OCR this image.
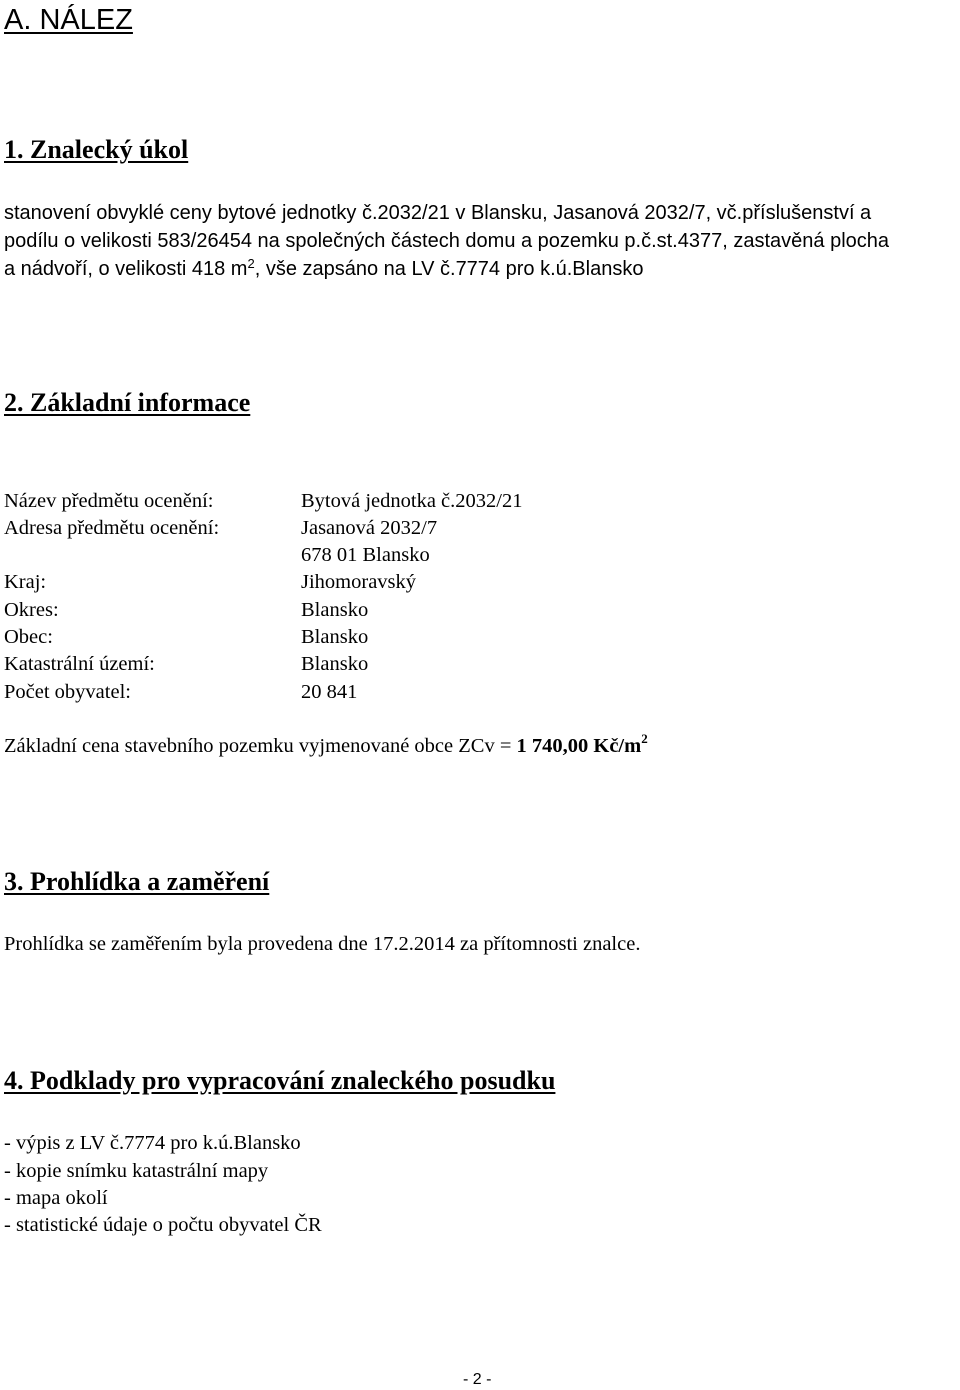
A. NÁLEZ
1. Znalecký úkol
stanovení obvyklé ceny bytové jednotky č.2032/21 v Blansku, Jasanová 2032/7, vč.příslušenství a
podílu o velikosti 583/26454 na společných částech domu a pozemku p.č.st.4377, zastavěná plocha
a nádvoří, o velikosti 418 $m^2$, vše zapsáno na LV č.7774 pro k.ú.Blansko
2. Základní informace
Název předmětu ocenění:	Bytová jednotka č.2032/21
Adresa předmětu ocenění:	Jasanová 2032/7
678 01 Blansko
Kraj:	Jihomoravský
Okres:	Blansko
Obec:	Blansko
Katastrální území:	Blansko
Počet obyvatel:	20 841
Základní cena stavebního pozemku vyjmenované obce ZCv = 1 740,00 $Kč/m^2$
3. Prohlídka a zaměření
Prohlídka se zaměřením byla provedena dne 17.2.2014 za přítomnosti znalce.
4. Podklady pro vypracování znaleckého posudku
- výpis z LV č.7774 pro k.ú.Blansko
- kopie snímku katastrální mapy
- mapa okolí
- statistické údaje o počtu obyvatel ČR
- 2 -
